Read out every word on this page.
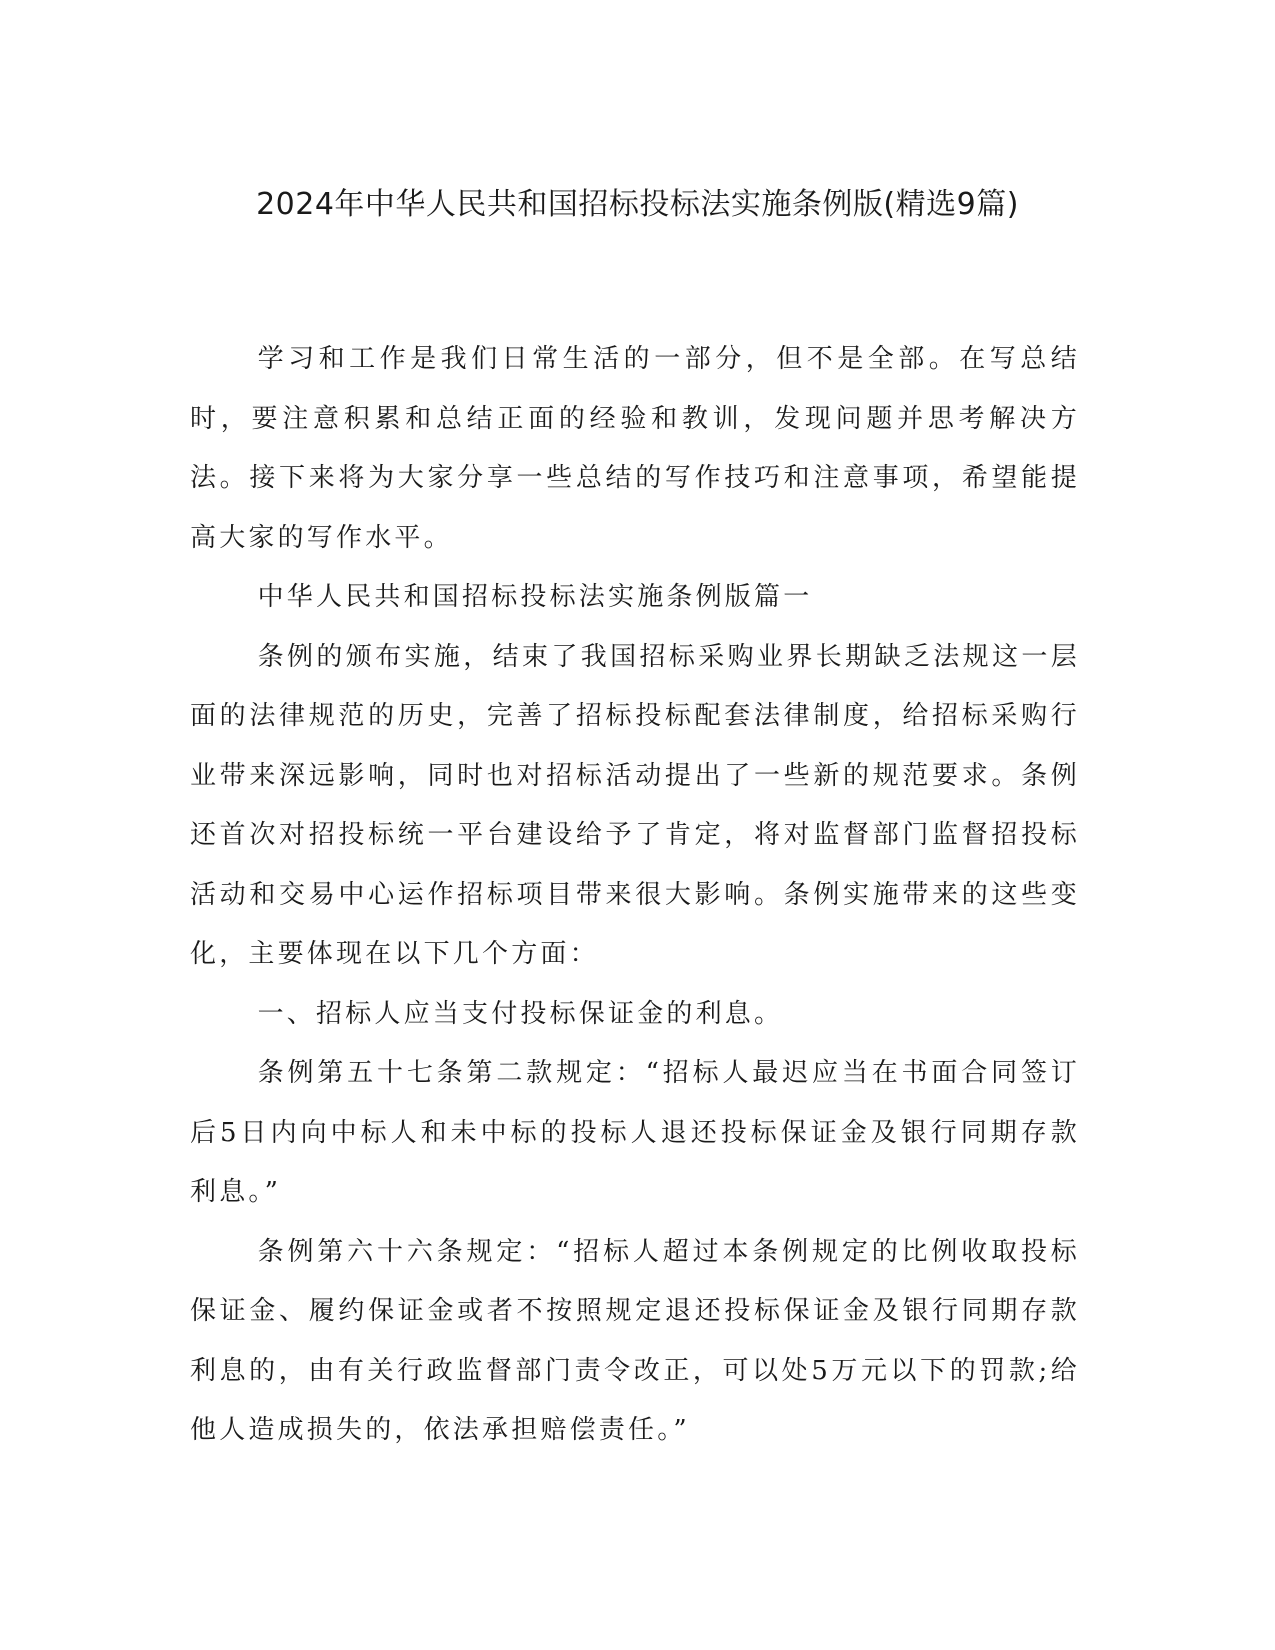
2024年中华人民共和国招标投标法实施条例版(精选9篇)

学习和工作是我们日常生活的一部分，但不是全部。在写总结时，要注意积累和总结正面的经验和教训，发现问题并思考解决方法。接下来将为大家分享一些总结的写作技巧和注意事项，希望能提高大家的写作水平。

中华人民共和国招标投标法实施条例版篇一

条例的颁布实施，结束了我国招标采购业界长期缺乏法规这一层面的法律规范的历史，完善了招标投标配套法律制度，给招标采购行业带来深远影响，同时也对招标活动提出了一些新的规范要求。条例还首次对招投标统一平台建设给予了肯定，将对监督部门监督招投标活动和交易中心运作招标项目带来很大影响。条例实施带来的这些变化，主要体现在以下几个方面：

一、招标人应当支付投标保证金的利息。

条例第五十七条第二款规定：“招标人最迟应当在书面合同签订后5日内向中标人和未中标的投标人退还投标保证金及银行同期存款利息。”

条例第六十六条规定：“招标人超过本条例规定的比例收取投标保证金、履约保证金或者不按照规定退还投标保证金及银行同期存款利息的，由有关行政监督部门责令改正，可以处5万元以下的罚款;给他人造成损失的，依法承担赔偿责任。”
